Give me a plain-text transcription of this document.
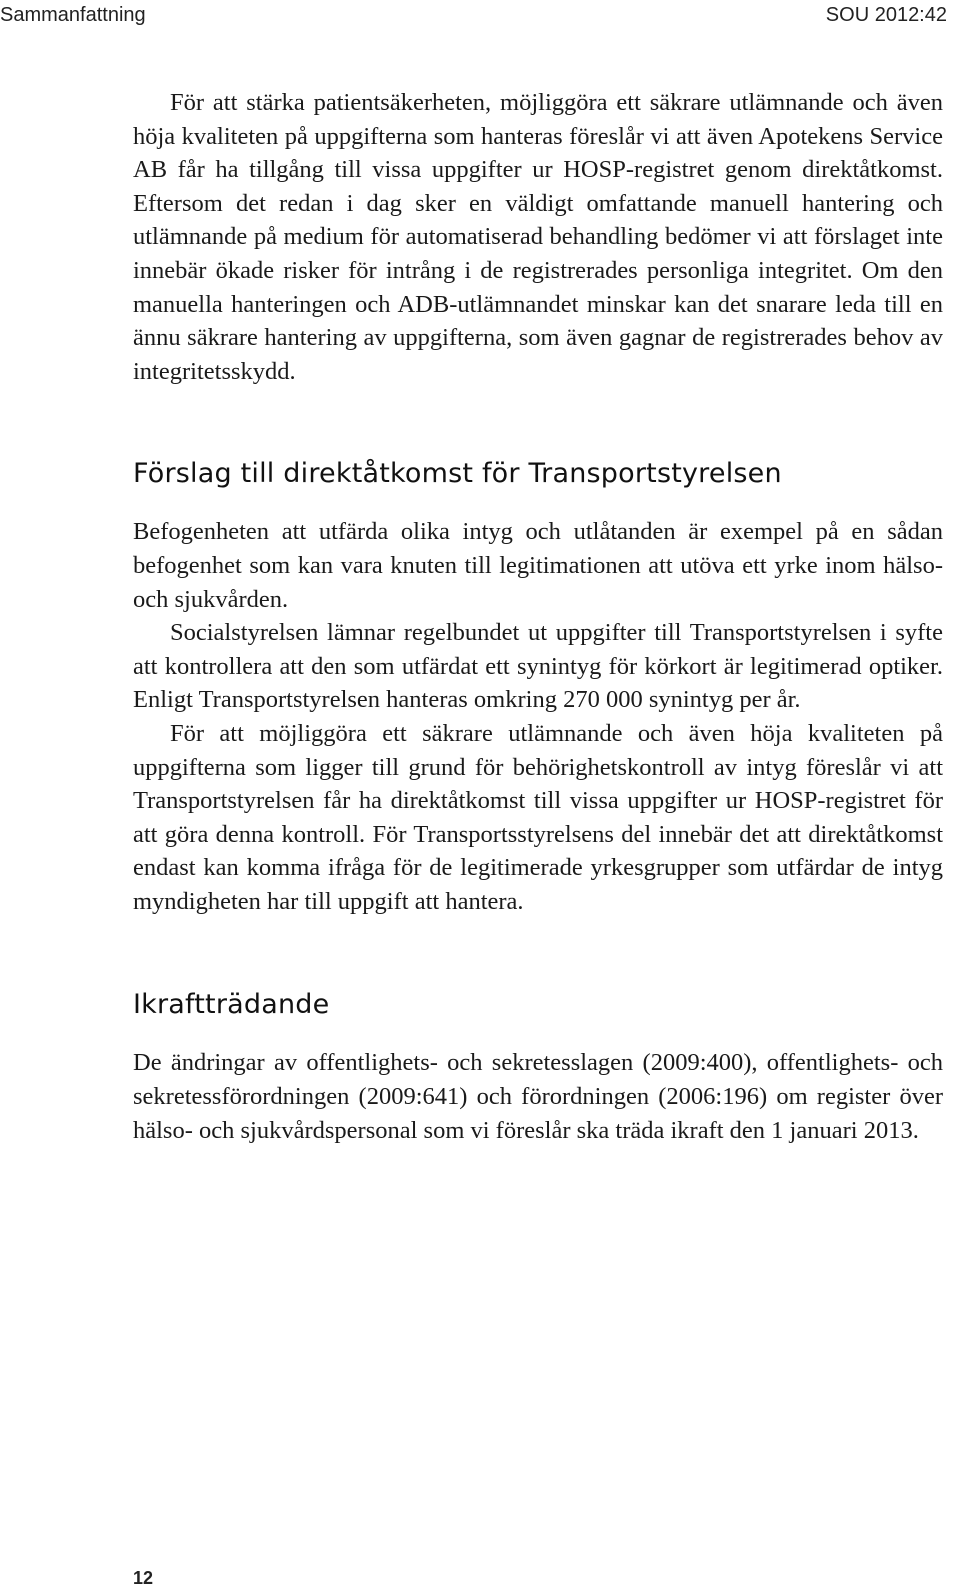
Sammanfattning	SOU 2012:42

För att stärka patientsäkerheten, möjliggöra ett säkrare utlämnande och även höja kvaliteten på uppgifterna som hanteras föreslår vi att även Apotekens Service AB får ha tillgång till vissa uppgifter ur HOSP-registret genom direktåtkomst. Eftersom det redan i dag sker en väldigt omfattande manuell hantering och utlämnande på medium för automatiserad behandling bedömer vi att förslaget inte innebär ökade risker för intrång i de registrerades personliga integritet. Om den manuella hanteringen och ADB-utlämnandet minskar kan det snarare leda till en ännu säkrare hantering av uppgifterna, som även gagnar de registrerades behov av integritetsskydd.

Förslag till direktåtkomst för Transportstyrelsen

Befogenheten att utfärda olika intyg och utlåtanden är exempel på en sådan befogenhet som kan vara knuten till legitimationen att utöva ett yrke inom hälso- och sjukvården.

Socialstyrelsen lämnar regelbundet ut uppgifter till Transportstyrelsen i syfte att kontrollera att den som utfärdat ett synintyg för körkort är legitimerad optiker. Enligt Transportstyrelsen hanteras omkring 270 000 synintyg per år.

För att möjliggöra ett säkrare utlämnande och även höja kvaliteten på uppgifterna som ligger till grund för behörighetskontroll av intyg föreslår vi att Transportstyrelsen får ha direktåtkomst till vissa uppgifter ur HOSP-registret för att göra denna kontroll. För Transportsstyrelsens del innebär det att direktåtkomst endast kan komma ifråga för de legitimerade yrkesgrupper som utfärdar de intyg myndigheten har till uppgift att hantera.

Ikraftträdande

De ändringar av offentlighets- och sekretesslagen (2009:400), offentlighets- och sekretessförordningen (2009:641) och förordningen (2006:196) om register över hälso- och sjukvårdspersonal som vi föreslår ska träda ikraft den 1 januari 2013.

12
